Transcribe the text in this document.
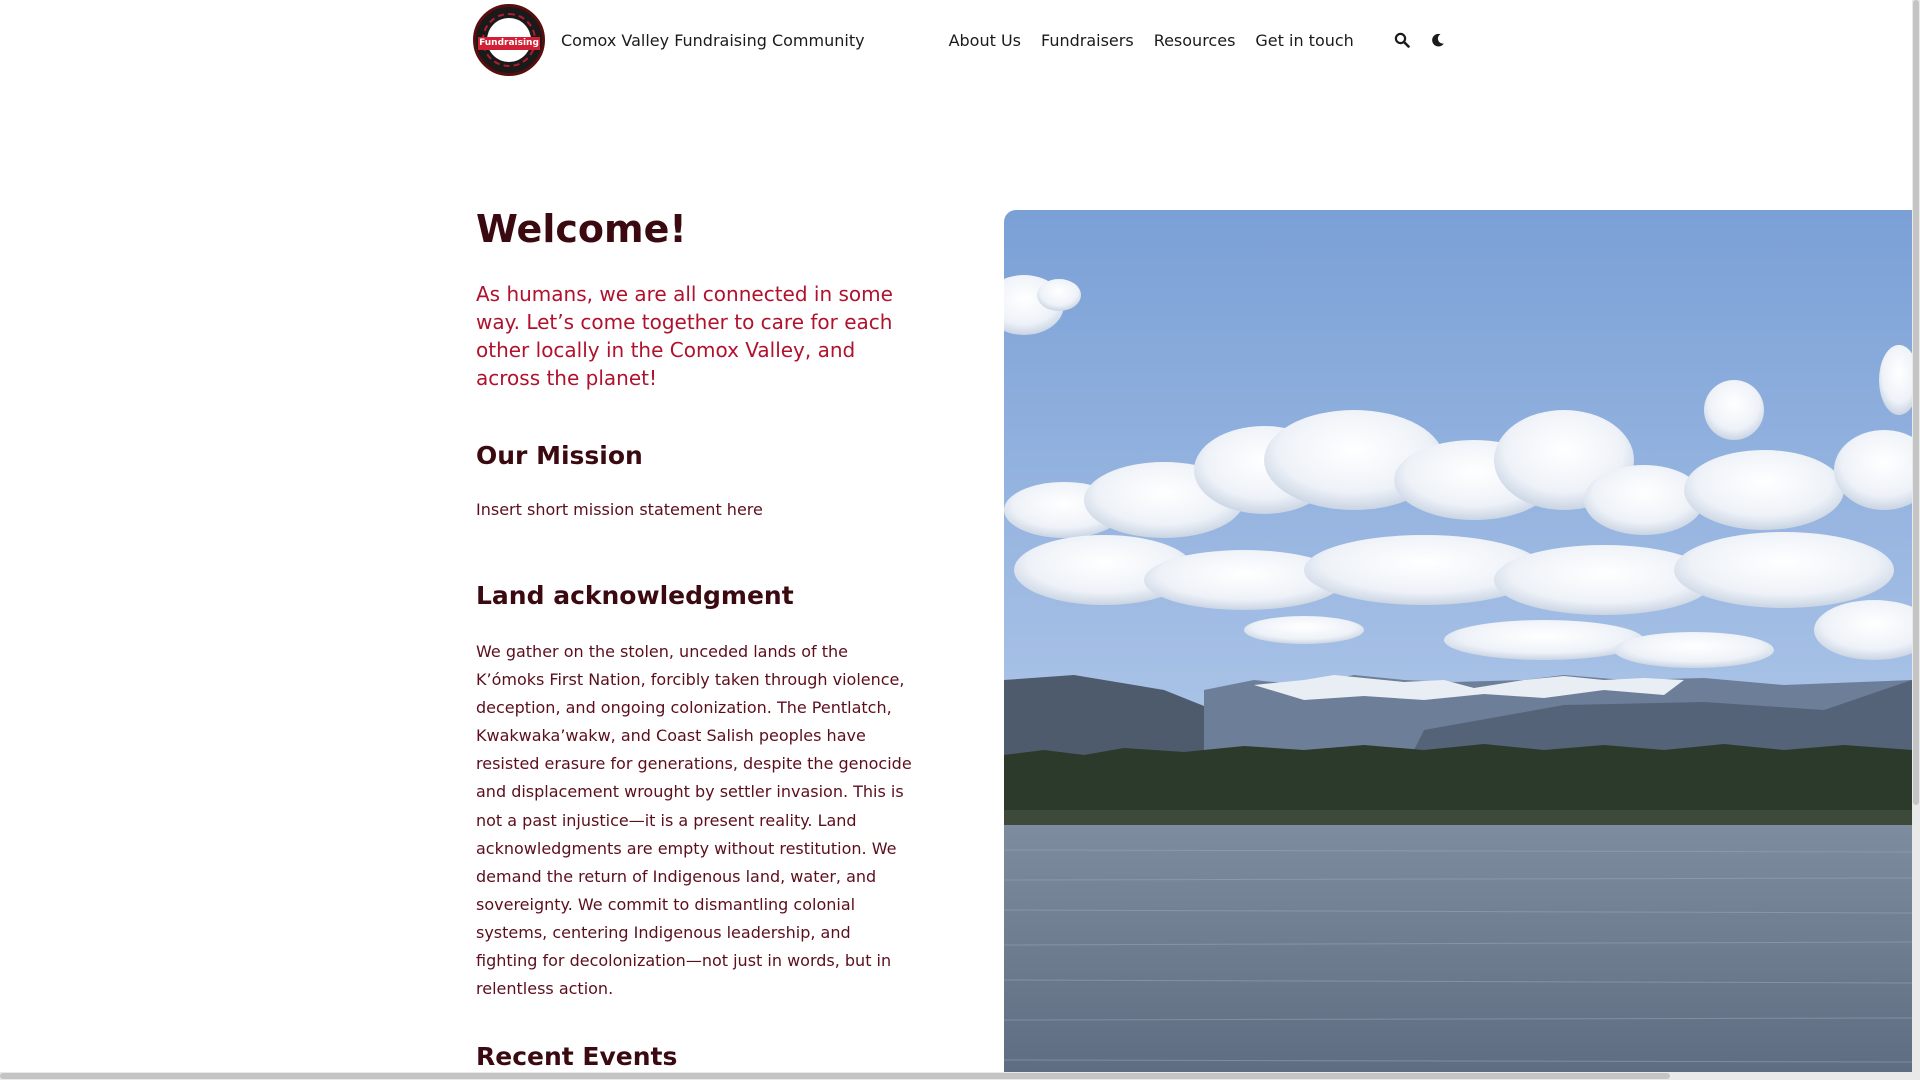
Fundraising Comox Valley Fundraising Community	About Us Fundraisers Resources Get in touch
Welcome!

As humans, we are all connected in some way. Let’s come together to care for each other locally in the Comox Valley, and across the planet!

Our Mission

Insert short mission statement here

Land acknowledgment

We gather on the stolen, unceded lands of the K’ómoks First Nation, forcibly taken through violence, deception, and ongoing colonization. The Pentlatch, Kwakwaka’wakw, and Coast Salish peoples have resisted erasure for generations, despite the genocide and displacement wrought by settler invasion. This is not a past injustice—it is a present reality. Land acknowledgments are empty without restitution. We demand the return of Indigenous land, water, and sovereignty. We commit to dismantling colonial systems, centering Indigenous leadership, and fighting for decolonization—not just in words, but in relentless action.

Recent Events
